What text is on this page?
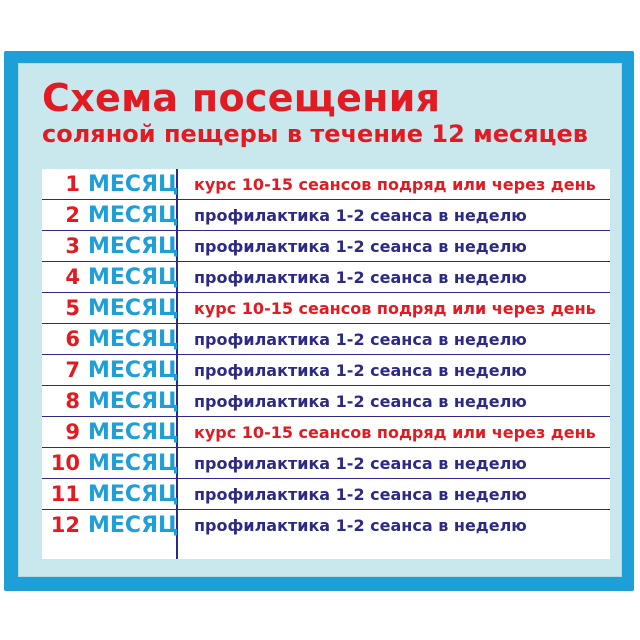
Схема посещения
соляной пещеры в течение 12 месяцев
1 МЕСЯЦ курс 10-15 сеансов подряд или через день
2 МЕСЯЦ профилактика 1-2 сеанса в неделю
3 МЕСЯЦ профилактика 1-2 сеанса в неделю
4 МЕСЯЦ профилактика 1-2 сеанса в неделю
5 МЕСЯЦ курс 10-15 сеансов подряд или через день
6 МЕСЯЦ профилактика 1-2 сеанса в неделю
7 МЕСЯЦ профилактика 1-2 сеанса в неделю
8 МЕСЯЦ профилактика 1-2 сеанса в неделю
9 МЕСЯЦ курс 10-15 сеансов подряд или через день
10 МЕСЯЦ профилактика 1-2 сеанса в неделю
11 МЕСЯЦ профилактика 1-2 сеанса в неделю
12 МЕСЯЦ профилактика 1-2 сеанса в неделю
